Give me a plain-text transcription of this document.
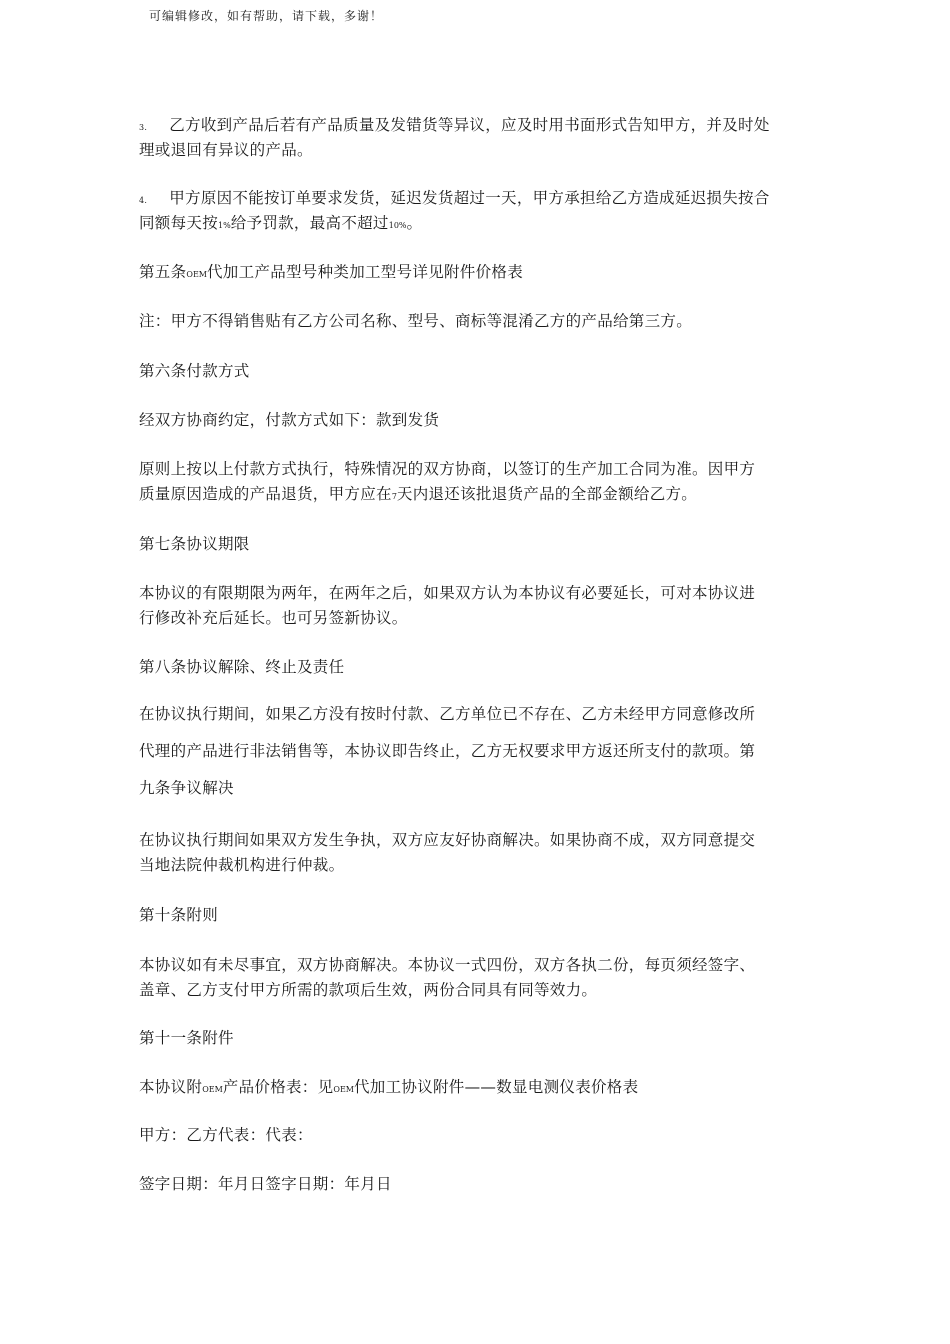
可编辑修改，如有帮助，请下载，多谢！
3. 乙方收到产品后若有产品质量及发错货等异议，应及时用书面形式告知甲方，并及时处
理或退回有异议的产品。
4. 甲方原因不能按订单要求发货，延迟发货超过一天，甲方承担给乙方造成延迟损失按合
同额每天按1%给予罚款，最高不超过10%。
第五条OEM代加工产品型号种类加工型号详见附件价格表
注：甲方不得销售贴有乙方公司名称、型号、商标等混淆乙方的产品给第三方。
第六条付款方式
经双方协商约定，付款方式如下：款到发货
原则上按以上付款方式执行，特殊情况的双方协商，以签订的生产加工合同为准。因甲方
质量原因造成的产品退货，甲方应在7天内退还该批退货产品的全部金额给乙方。
第七条协议期限
本协议的有限期限为两年，在两年之后，如果双方认为本协议有必要延长，可对本协议进
行修改补充后延长。也可另签新协议。
第八条协议解除、终止及责任
在协议执行期间，如果乙方没有按时付款、乙方单位已不存在、乙方未经甲方同意修改所
代理的产品进行非法销售等，本协议即告终止，乙方无权要求甲方返还所支付的款项。第
九条争议解决
在协议执行期间如果双方发生争执，双方应友好协商解决。如果协商不成，双方同意提交
当地法院仲裁机构进行仲裁。
第十条附则
本协议如有未尽事宜，双方协商解决。本协议一式四份，双方各执二份，每页须经签字、
盖章、乙方支付甲方所需的款项后生效，两份合同具有同等效力。
第十一条附件
本协议附OEM产品价格表：见OEM代加工协议附件——数显电测仪表价格表
甲方：乙方代表：代表：
签字日期：年月日签字日期：年月日
